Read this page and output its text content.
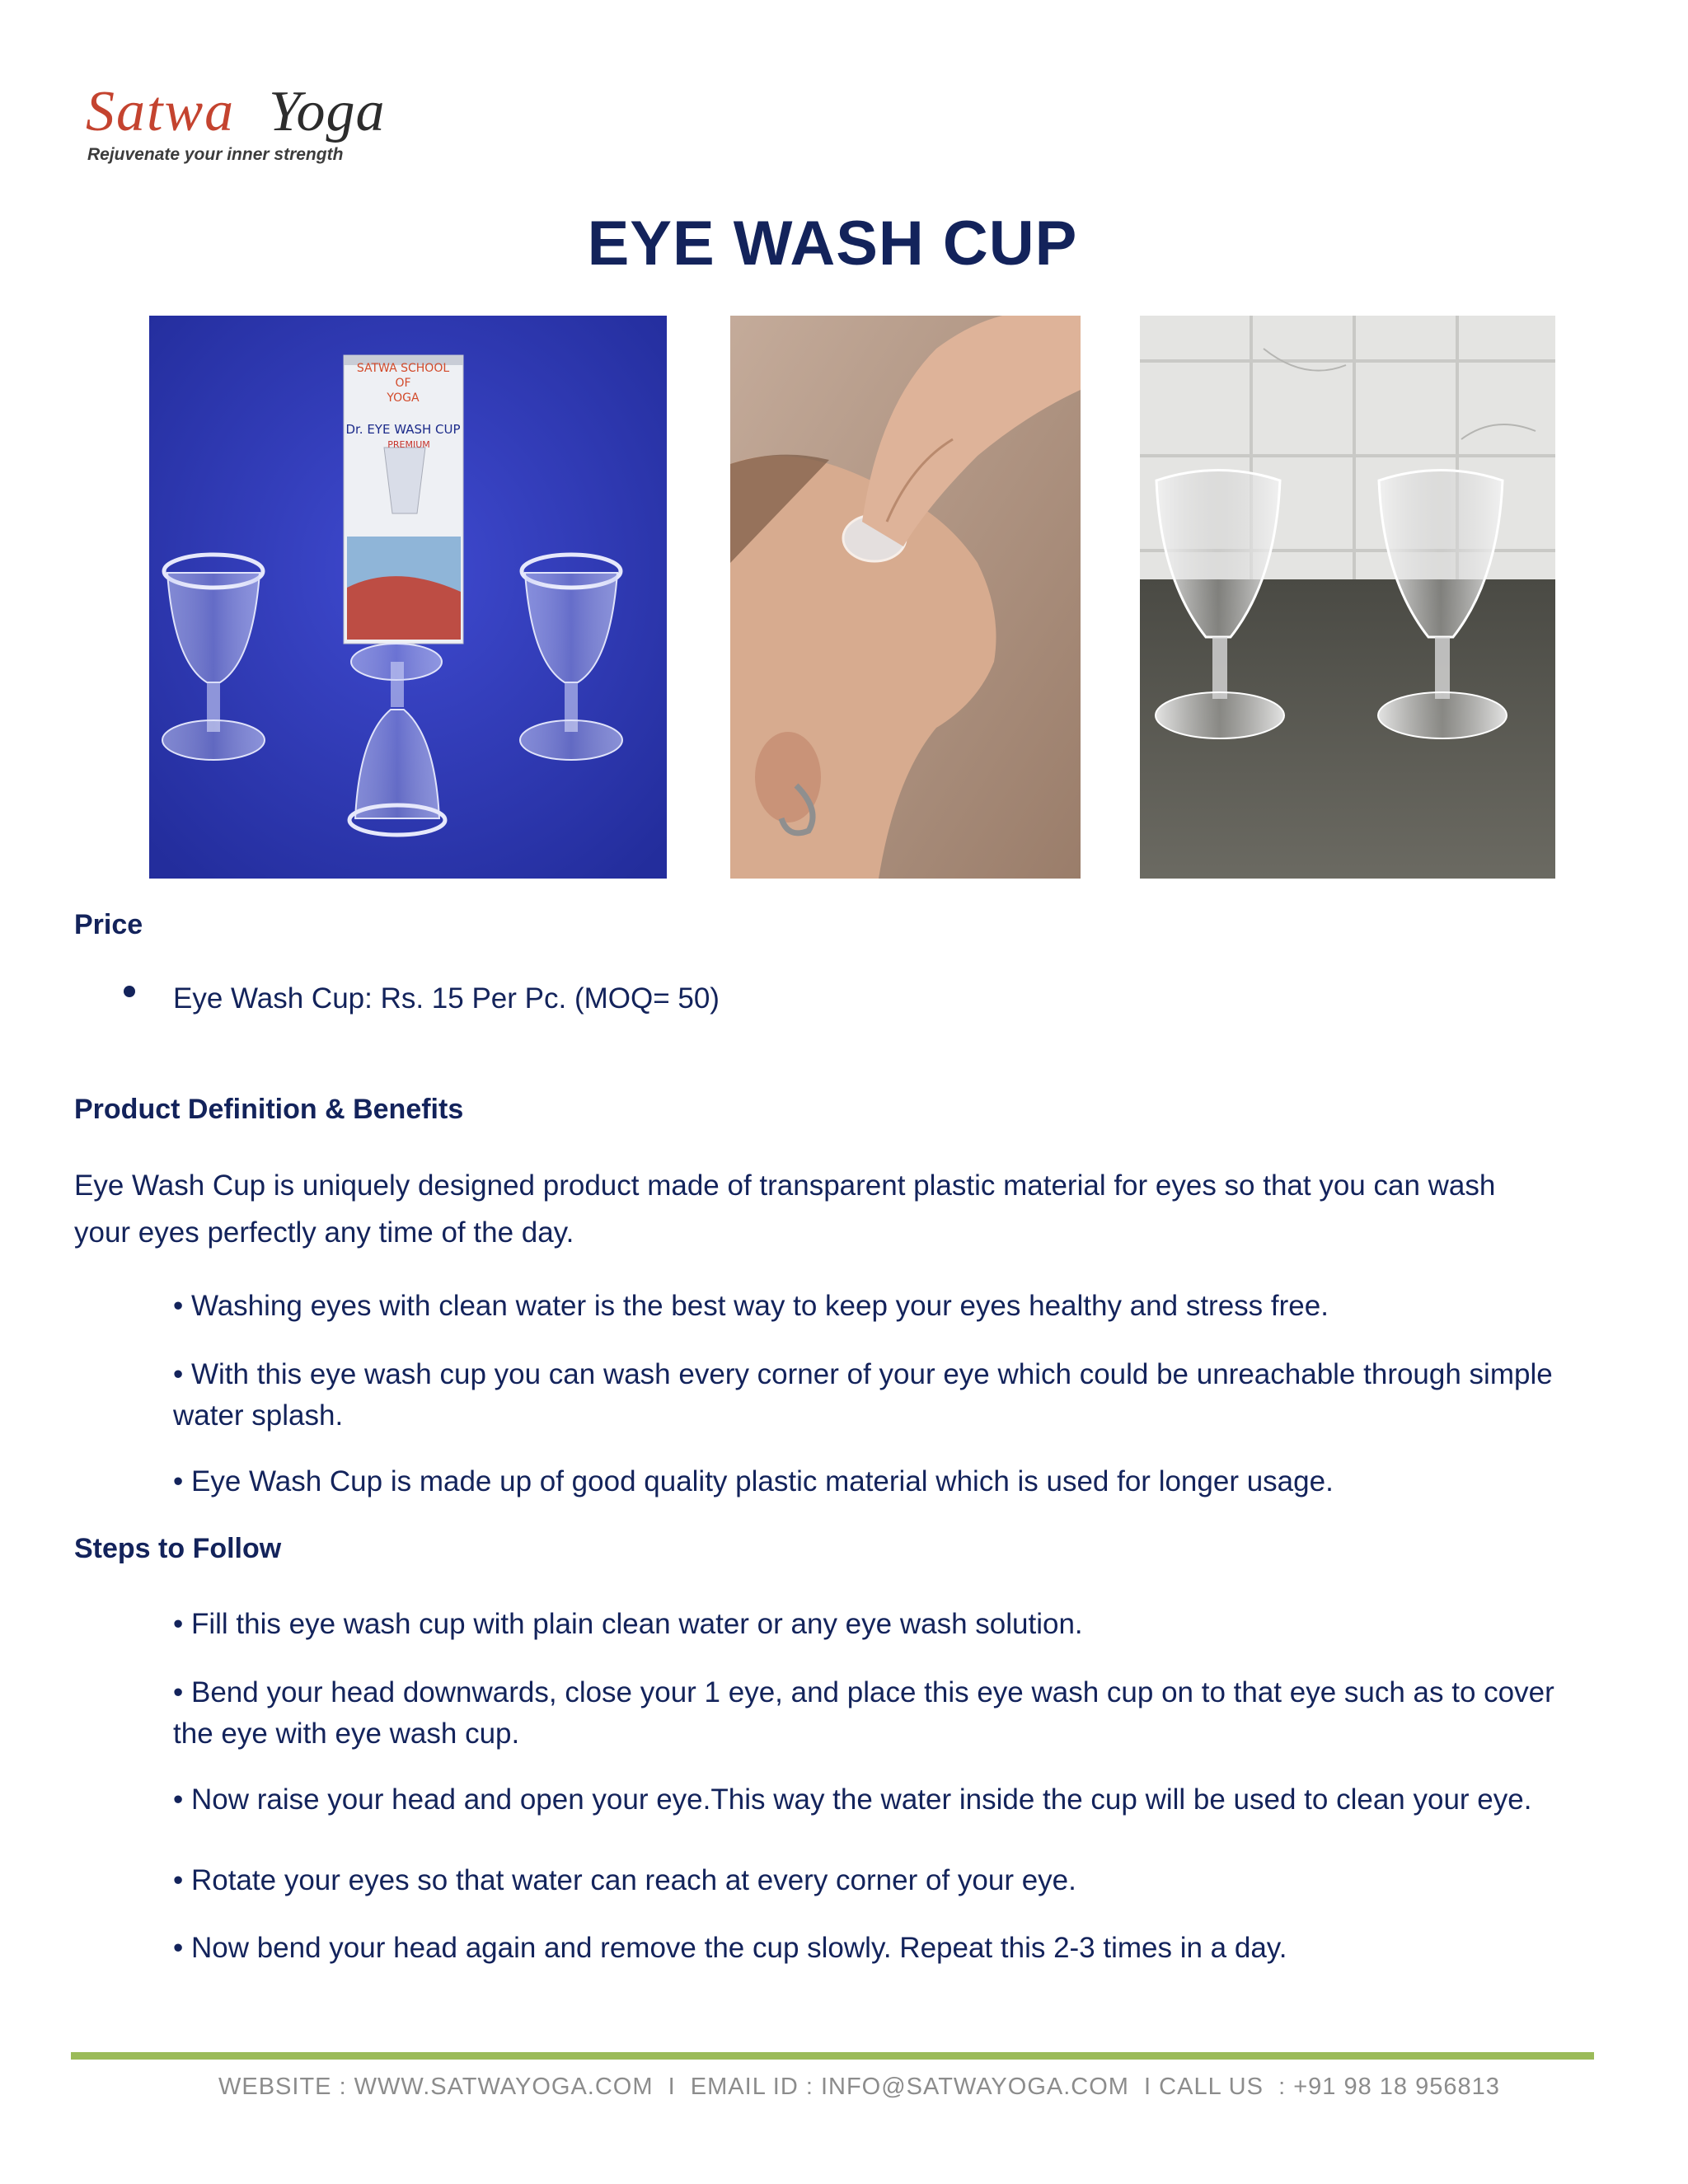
Satwa Yoga
Rejuvenate your inner strength
EYE WASH CUP
SATWA SCHOOL
OF
YOGA
Dr. EYE WASH CUP
PREMIUM
Price
Eye Wash Cup: Rs. 15 Per Pc. (MOQ= 50)
Product Definition & Benefits
Eye Wash Cup is uniquely designed product made of transparent plastic material for eyes so that you can wash
your eyes perfectly any time of the day.
• Washing eyes with clean water is the best way to keep your eyes healthy and stress free.
• With this eye wash cup you can wash every corner of your eye which could be unreachable through simple water splash.
• Eye Wash Cup is made up of good quality plastic material which is used for longer usage.
Steps to Follow
• Fill this eye wash cup with plain clean water or any eye wash solution.
• Bend your head downwards, close your 1 eye, and place this eye wash cup on to that eye such as to cover the eye with eye wash cup.
• Now raise your head and open your eye.This way the water inside the cup will be used to clean your eye.
• Rotate your eyes so that water can reach at every corner of your eye.
• Now bend your head again and remove the cup slowly. Repeat this 2-3 times in a day.
WEBSITE : WWW.SATWAYOGA.COM  I  EMAIL ID : INFO@SATWAYOGA.COM  I CALL US  : +91 98 18 956813
